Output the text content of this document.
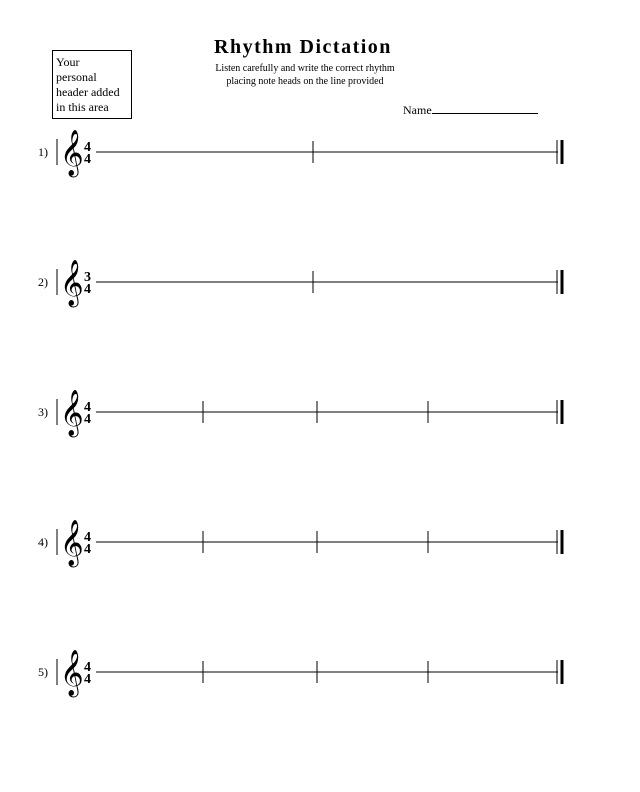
Your
personal
header added
in this area
Rhythm Dictation
Listen carefully and write the correct rhythm
placing note heads on the line provided
Name
1) 𝄞 4
4
2) 𝄞 3
4
3) 𝄞 4
4
4) 𝄞 4
4
5) 𝄞 4
4
